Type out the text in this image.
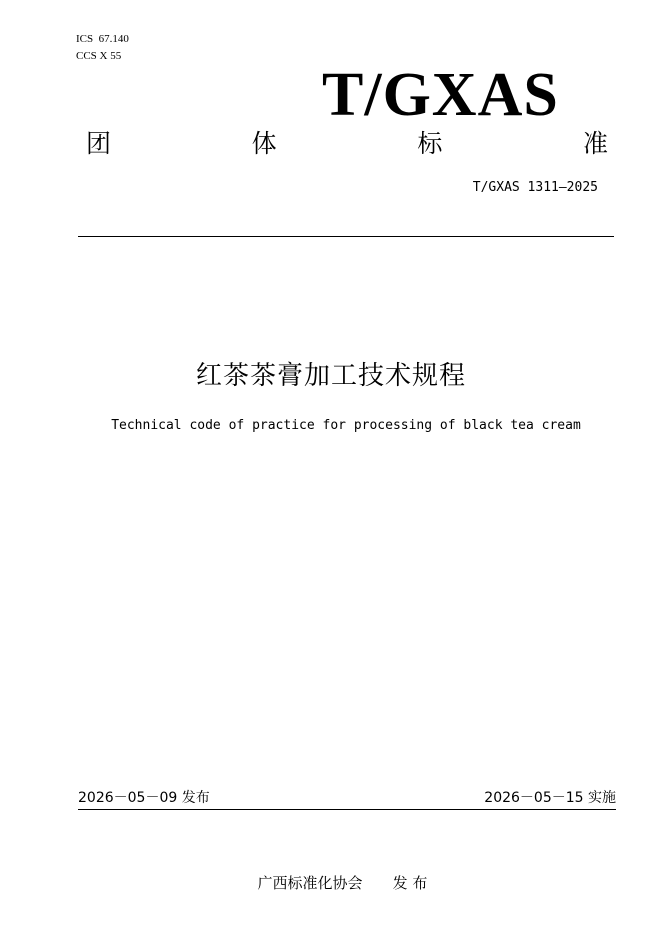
ICS  67.140
CCS X 55
T/GXAS
团	体	标	准
T/GXAS 1311—2025
红茶茶膏加工技术规程
Technical code of practice for processing of black tea cream
2026－05－09 发布	2026－05－15 实施

广西标准化协会 发 布
